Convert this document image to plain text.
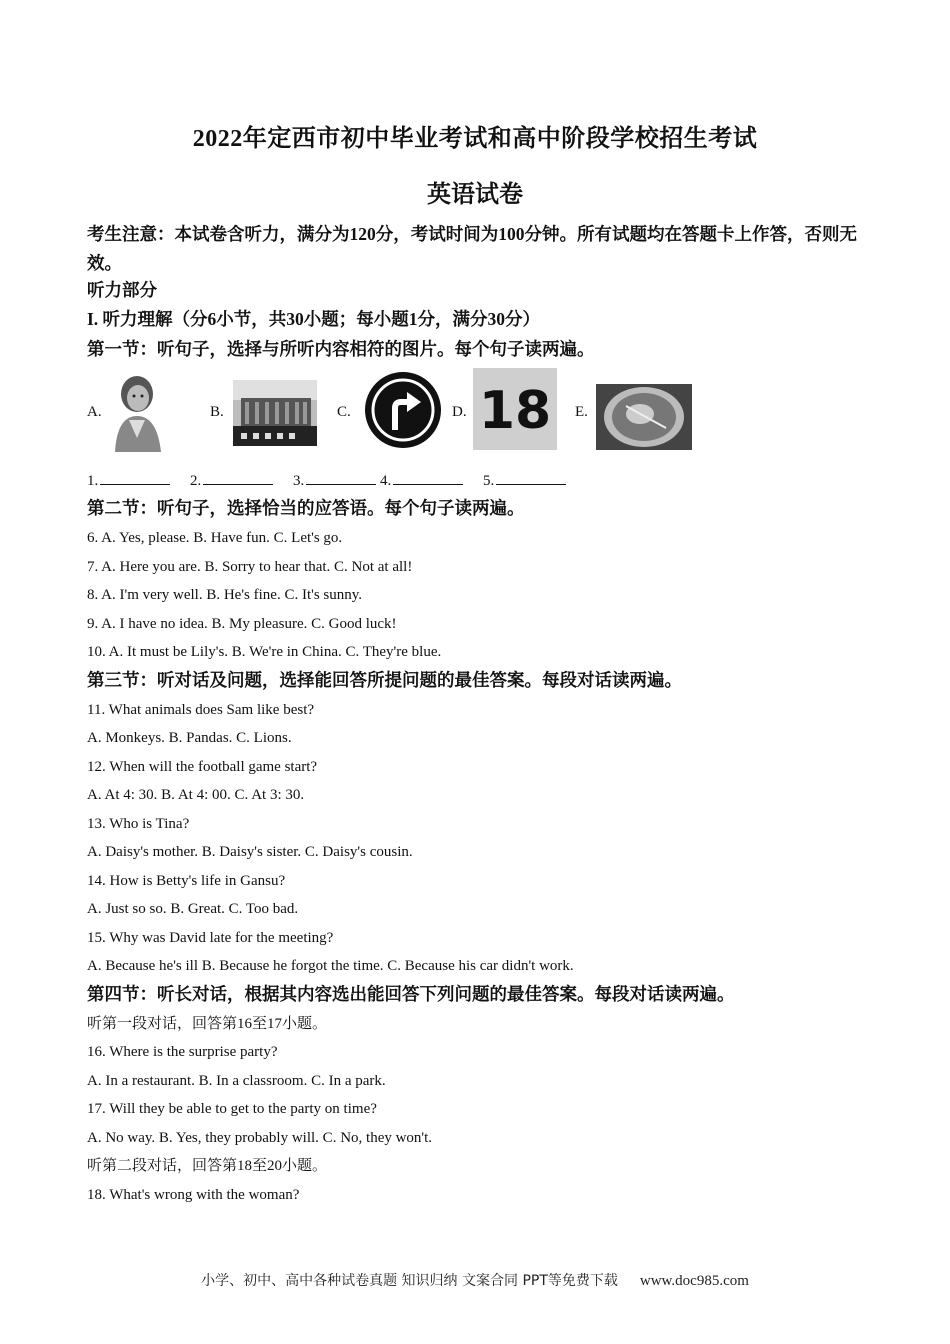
2022年定西市初中毕业考试和高中阶段学校招生考试
英语试卷
考生注意：本试卷含听力，满分为120分，考试时间为100分钟。所有试题均在答题卡上作答，否则无效。
听力部分
I. 听力理解（分6小节，共30小题；每小题1分，满分30分）
第一节：听句子，选择与所听内容相符的图片。每个句子读两遍。
A.	B.	C.	D. 18 E.
1.	2.	3.	4.	5.
第二节：听句子，选择恰当的应答语。每个句子读两遍。
6. A. Yes, please. B. Have fun. C. Let's go.
7. A. Here you are. B. Sorry to hear that. C. Not at all!
8. A. I'm very well. B. He's fine. C. It's sunny.
9. A. I have no idea. B. My pleasure. C. Good luck!
10. A. It must be Lily's. B. We're in China. C. They're blue.
第三节：听对话及问题，选择能回答所提问题的最佳答案。每段对话读两遍。
11. What animals does Sam like best?
A. Monkeys. B. Pandas. C. Lions.
12. When will the football game start?
A. At 4: 30. B. At 4: 00. C. At 3: 30.
13. Who is Tina?
A. Daisy's mother. B. Daisy's sister. C. Daisy's cousin.
14. How is Betty's life in Gansu?
A. Just so so. B. Great. C. Too bad.
15. Why was David late for the meeting?
A. Because he's ill B. Because he forgot the time. C. Because his car didn't work.
第四节：听长对话，根据其内容选出能回答下列问题的最佳答案。每段对话读两遍。
听第一段对话，回答第16至17小题。
16. Where is the surprise party?
A. In a restaurant. B. In a classroom. C. In a park.
17. Will they be able to get to the party on time?
A. No way. B. Yes, they probably will. C. No, they won't.
听第二段对话，回答第18至20小题。
18. What's wrong with the woman?
小学、初中、高中各种试卷真题 知识归纳 文案合同 PPT等免费下载 www.doc985.com
